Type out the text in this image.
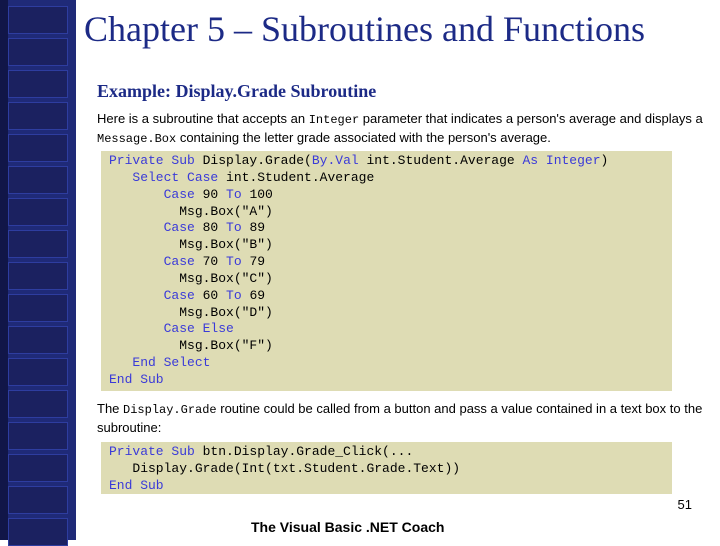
Chapter 5 – Subroutines and Functions
Example: Display.Grade Subroutine
Here is a subroutine that accepts an Integer parameter that indicates a person's average and displays a Message.Box containing the letter grade associated with the person's average.
Private Sub Display.Grade(By.Val int.Student.Average As Integer)
Select Case int.Student.Average
Case 90 To 100
Msg.Box("A")
Case 80 To 89
Msg.Box("B")
Case 70 To 79
Msg.Box("C")
Case 60 To 69
Msg.Box("D")
Case Else
Msg.Box("F")
End Select
End Sub
The Display.Grade routine could be called from a button and pass a value contained in a text box to the subroutine:
Private Sub btn.Display.Grade_Click(...
Display.Grade(Int(txt.Student.Grade.Text))
End Sub
51
The Visual Basic .NET Coach
